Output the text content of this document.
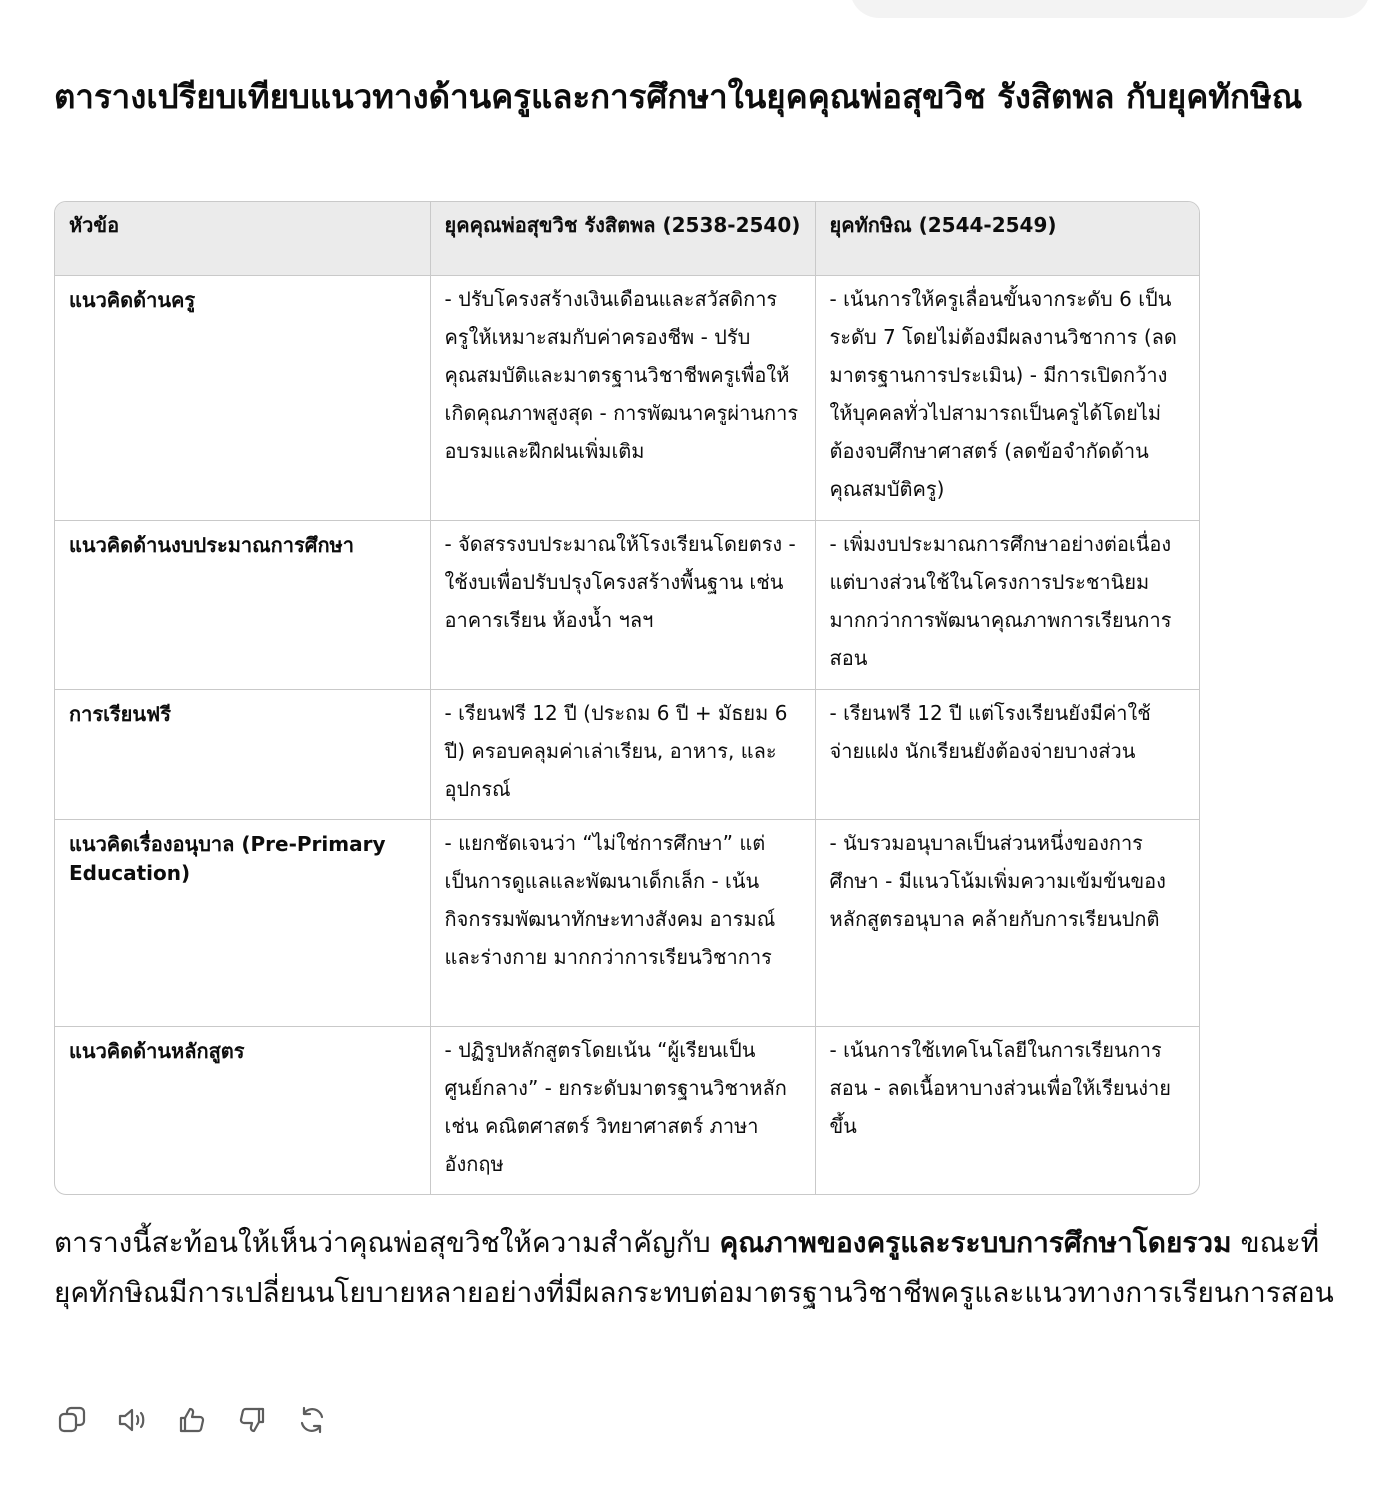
ตารางเปรียบเทียบแนวทางด้านครูและการศึกษาในยุคคุณพ่อสุขวิช รังสิตพล กับยุคทักษิณ
หัวข้อ	ยุคคุณพ่อสุขวิช รังสิตพล (2538-2540)	ยุคทักษิณ (2544-2549)
แนวคิดด้านครู	- ปรับโครงสร้างเงินเดือนและสวัสดิการครูให้เหมาะสมกับค่าครองชีพ - ปรับคุณสมบัติและมาตรฐานวิชาชีพครูเพื่อให้เกิดคุณภาพสูงสุด - การพัฒนาครูผ่านการอบรมและฝึกฝนเพิ่มเติม	- เน้นการให้ครูเลื่อนขั้นจากระดับ 6 เป็นระดับ 7 โดยไม่ต้องมีผลงานวิชาการ (ลดมาตรฐานการประเมิน) - มีการเปิดกว้างให้บุคคลทั่วไปสามารถเป็นครูได้โดยไม่ต้องจบศึกษาศาสตร์ (ลดข้อจำกัดด้านคุณสมบัติครู)
แนวคิดด้านงบประมาณการศึกษา	- จัดสรรงบประมาณให้โรงเรียนโดยตรง - ใช้งบเพื่อปรับปรุงโครงสร้างพื้นฐาน เช่น อาคารเรียน ห้องน้ำ ฯลฯ	- เพิ่มงบประมาณการศึกษาอย่างต่อเนื่อง แต่บางส่วนใช้ในโครงการประชานิยมมากกว่าการพัฒนาคุณภาพการเรียนการสอน
การเรียนฟรี	- เรียนฟรี 12 ปี (ประถม 6 ปี + มัธยม 6 ปี) ครอบคลุมค่าเล่าเรียน, อาหาร, และอุปกรณ์	- เรียนฟรี 12 ปี แต่โรงเรียนยังมีค่าใช้จ่ายแฝง นักเรียนยังต้องจ่ายบางส่วน
แนวคิดเรื่องอนุบาล (Pre-Primary Education)	- แยกชัดเจนว่า “ไม่ใช่การศึกษา” แต่เป็นการดูแลและพัฒนาเด็กเล็ก - เน้นกิจกรรมพัฒนาทักษะทางสังคม อารมณ์ และร่างกาย มากกว่าการเรียนวิชาการ	- นับรวมอนุบาลเป็นส่วนหนึ่งของการศึกษา - มีแนวโน้มเพิ่มความเข้มข้นของหลักสูตรอนุบาล คล้ายกับการเรียนปกติ
แนวคิดด้านหลักสูตร	- ปฏิรูปหลักสูตรโดยเน้น “ผู้เรียนเป็นศูนย์กลาง” - ยกระดับมาตรฐานวิชาหลัก เช่น คณิตศาสตร์ วิทยาศาสตร์ ภาษาอังกฤษ	- เน้นการใช้เทคโนโลยีในการเรียนการสอน - ลดเนื้อหาบางส่วนเพื่อให้เรียนง่ายขึ้น

ตารางนี้สะท้อนให้เห็นว่าคุณพ่อสุขวิชให้ความสำคัญกับ คุณภาพของครูและระบบการศึกษาโดยรวม ขณะที่ยุคทักษิณมีการเปลี่ยนนโยบายหลายอย่างที่มีผลกระทบต่อมาตรฐานวิชาชีพครูและแนวทางการเรียนการสอน
